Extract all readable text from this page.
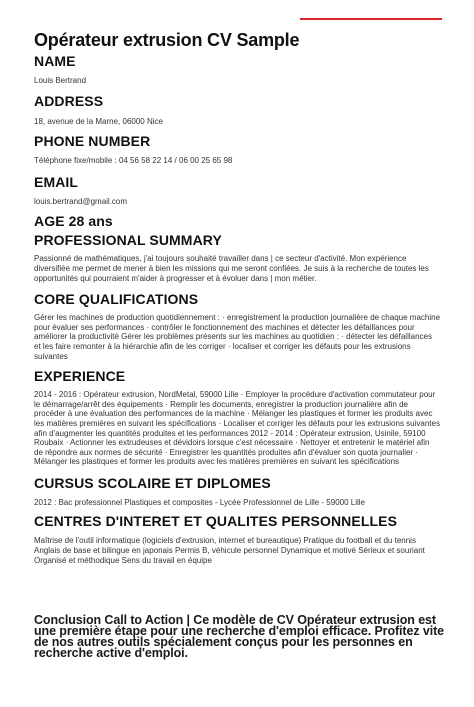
Opérateur extrusion CV Sample
NAME

Louis Bertrand

ADDRESS

18, avenue de la Marne, 06000 Nice

PHONE NUMBER

Téléphone fixe/mobile : 04 56 58 22 14 / 06 00 25 65 98

EMAIL

louis.bertrand@gmail.com

AGE 28 ans
PROFESSIONAL SUMMARY

Passionné de mathématiques, j'ai toujours souhaité travailler dans | ce secteur d'activité. Mon expérience diversifiée me permet de mener à bien les missions qui me seront confiées. Je suis à la recherche de toutes les opportunités qui pourraient m'aider à progresser et à évoluer dans | mon métier.

CORE QUALIFICATIONS

Gérer les machines de production quotidiennement : · enregistrement la production journalière de chaque machine pour évaluer ses performances · contrôler le fonctionnement des machines et détecter les défaillances pour améliorer la productivité Gérer les problèmes présents sur les machines au quotidien : · détecter les défaillances et les faire remonter à la hiérarchie afin de les corriger · localiser et corriger les défauts pour les extrusions suivantes

EXPERIENCE

2014 - 2016 : Opérateur extrusion, NordMetal, 59000 Lille · Employer la procédure d'activation commutateur pour le démarrage/arrêt des équipements · Remplir les documents, enregistrer la production journalière afin de procéder à une évaluation des performances de la machine · Mélanger les plastiques et former les produits avec les matières premières en suivant les spécifications · Localiser et corriger les défauts pour les extrusions suivantes afin d'augmenter les quantités produites et les performances 2012 - 2014 : Opérateur extrusion, Usinile, 59100 Roubaix · Actionner les extrudeuses et dévidoirs lorsque c'est nécessaire · Nettoyer et entretenir le matériel afin de répondre aux normes de sécurité · Enregistrer les quantités produites afin d'évaluer son quota journalier · Mélanger les plastiques et former les produits avec les matières premières en suivant les spécifications

CURSUS SCOLAIRE ET DIPLOMES

2012 : Bac professionnel Plastiques et composites - Lycée Professionnel de Lille - 59000 Lille

CENTRES D'INTERET ET QUALITES PERSONNELLES

Maîtrise de l'outil informatique (logiciels d'extrusion, internet et bureautique) Pratique du football et du tennis Anglais de base et bilingue en japonais Permis B, véhicule personnel Dynamique et motivé Sérieux et souriant Organisé et méthodique Sens du travail en équipe

Conclusion Call to Action | Ce modèle de CV Opérateur extrusion est une première étape pour une recherche d'emploi efficace. Profitez vite de nos autres outils spécialement conçus pour les personnes en recherche active d'emploi.
